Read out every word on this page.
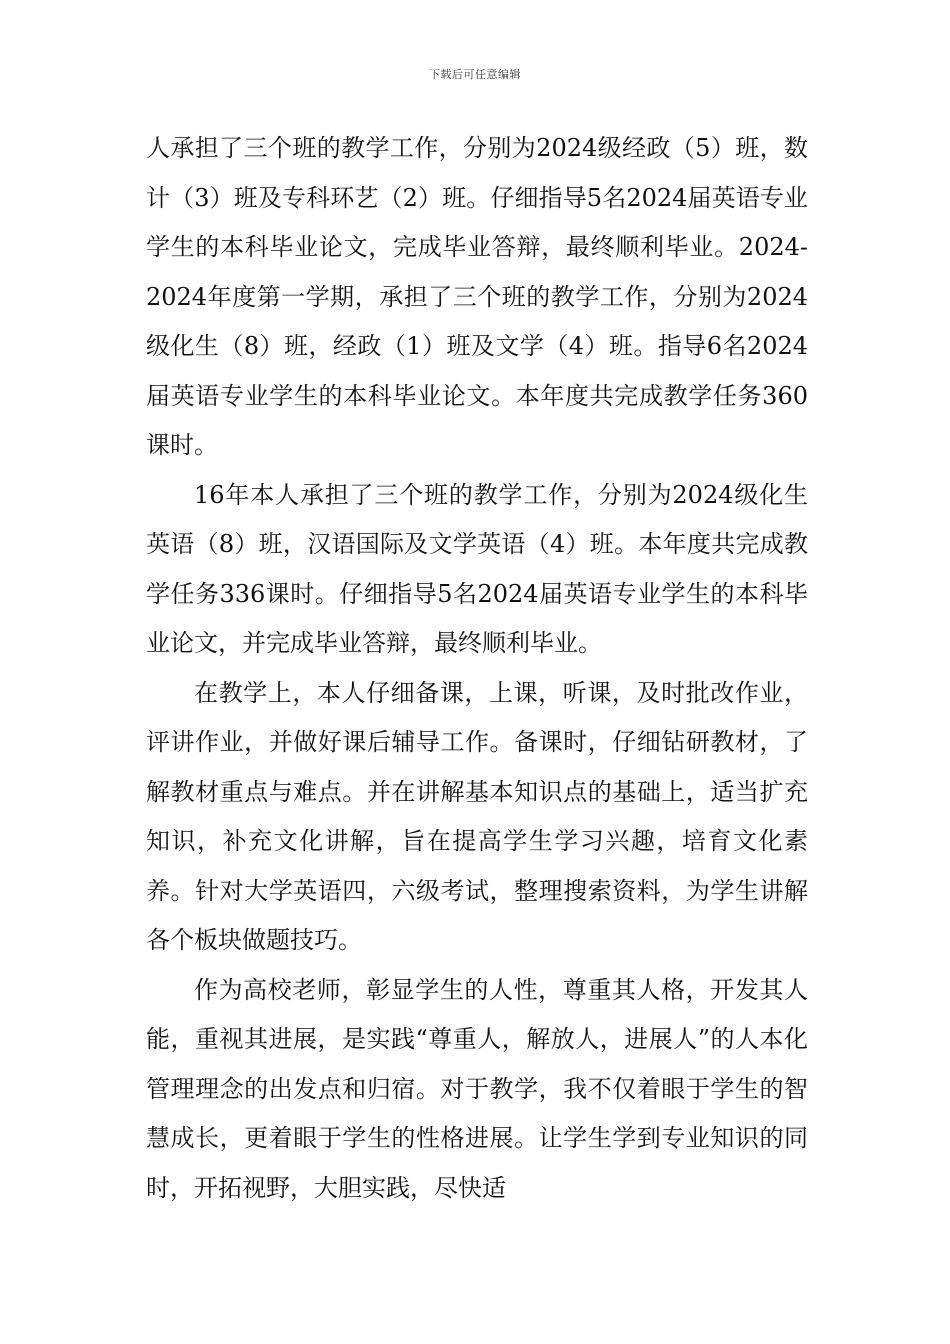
下载后可任意编辑

人承担了三个班的教学工作，分别为2024级经政（5）班，数计（3）班及专科环艺（2）班。仔细指导5名2024届英语专业学生的本科毕业论文，完成毕业答辩，最终顺利毕业。2024-2024年度第一学期，承担了三个班的教学工作，分别为2024级化生（8）班，经政（1）班及文学（4）班。指导6名2024届英语专业学生的本科毕业论文。本年度共完成教学任务360课时。

16年本人承担了三个班的教学工作，分别为2024级化生英语（8）班，汉语国际及文学英语（4）班。本年度共完成教学任务336课时。仔细指导5名2024届英语专业学生的本科毕业论文，并完成毕业答辩，最终顺利毕业。

在教学上，本人仔细备课，上课，听课，及时批改作业，评讲作业，并做好课后辅导工作。备课时，仔细钻研教材，了解教材重点与难点。并在讲解基本知识点的基础上，适当扩充知识，补充文化讲解，旨在提高学生学习兴趣，培育文化素养。针对大学英语四，六级考试，整理搜索资料，为学生讲解各个板块做题技巧。

作为高校老师，彰显学生的人性，尊重其人格，开发其人能，重视其进展，是实践“尊重人，解放人，进展人”的人本化管理理念的出发点和归宿。对于教学，我不仅着眼于学生的智慧成长，更着眼于学生的性格进展。让学生学到专业知识的同时，开拓视野，大胆实践，尽快适
